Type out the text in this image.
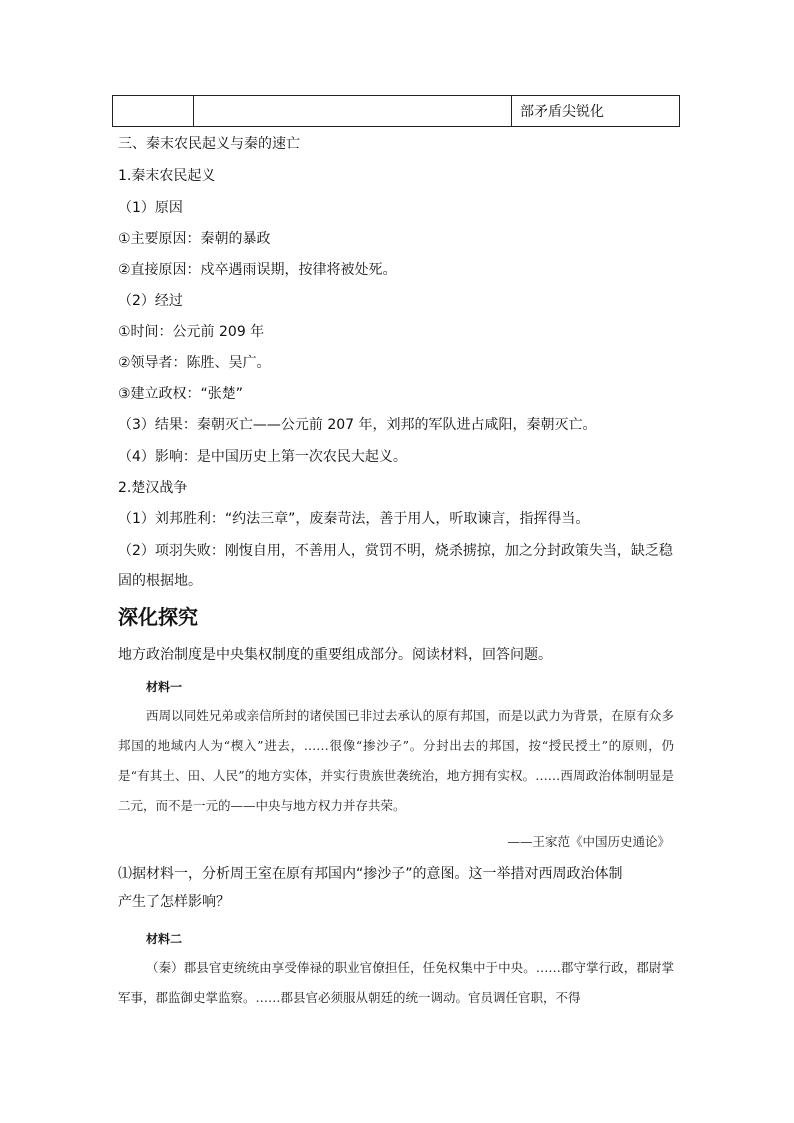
部矛盾尖锐化
三、秦末农民起义与秦的速亡
1.秦末农民起义
（1）原因
①主要原因：秦朝的暴政
②直接原因：戍卒遇雨误期，按律将被处死。
（2）经过
①时间：公元前 209 年
②领导者：陈胜、吴广。
③建立政权：“张楚”
（3）结果：秦朝灭亡——公元前 207 年，刘邦的军队进占咸阳，秦朝灭亡。
（4）影响：是中国历史上第一次农民大起义。
2.楚汉战争
（1）刘邦胜利：“约法三章”，废秦苛法，善于用人，听取谏言，指挥得当。
（2）项羽失败：刚愎自用，不善用人，赏罚不明，烧杀掳掠，加之分封政策失当，缺乏稳固的根据地。
深化探究
地方政治制度是中央集权制度的重要组成部分。阅读材料，回答问题。
材料一
西周以同姓兄弟或亲信所封的诸侯国已非过去承认的原有邦国，而是以武力为背景，在原有众多邦国的地域内人为“楔入”进去，……很像“掺沙子”。分封出去的邦国，按“授民授土”的原则，仍是“有其土、田、人民”的地方实体，并实行贵族世袭统治，地方拥有实权。……西周政治体制明显是二元，而不是一元的——中央与地方权力并存共荣。
——王家范《中国历史通论》
⑴据材料一，分析周王室在原有邦国内“掺沙子”的意图。这一举措对西周政治体制
产生了怎样影响？
材料二
（秦）郡县官吏统统由享受俸禄的职业官僚担任，任免权集中于中央。……郡守掌行政，郡尉掌军事，郡监御史掌监察。……郡县官必须服从朝廷的统一调动。官员调任官职，不得
